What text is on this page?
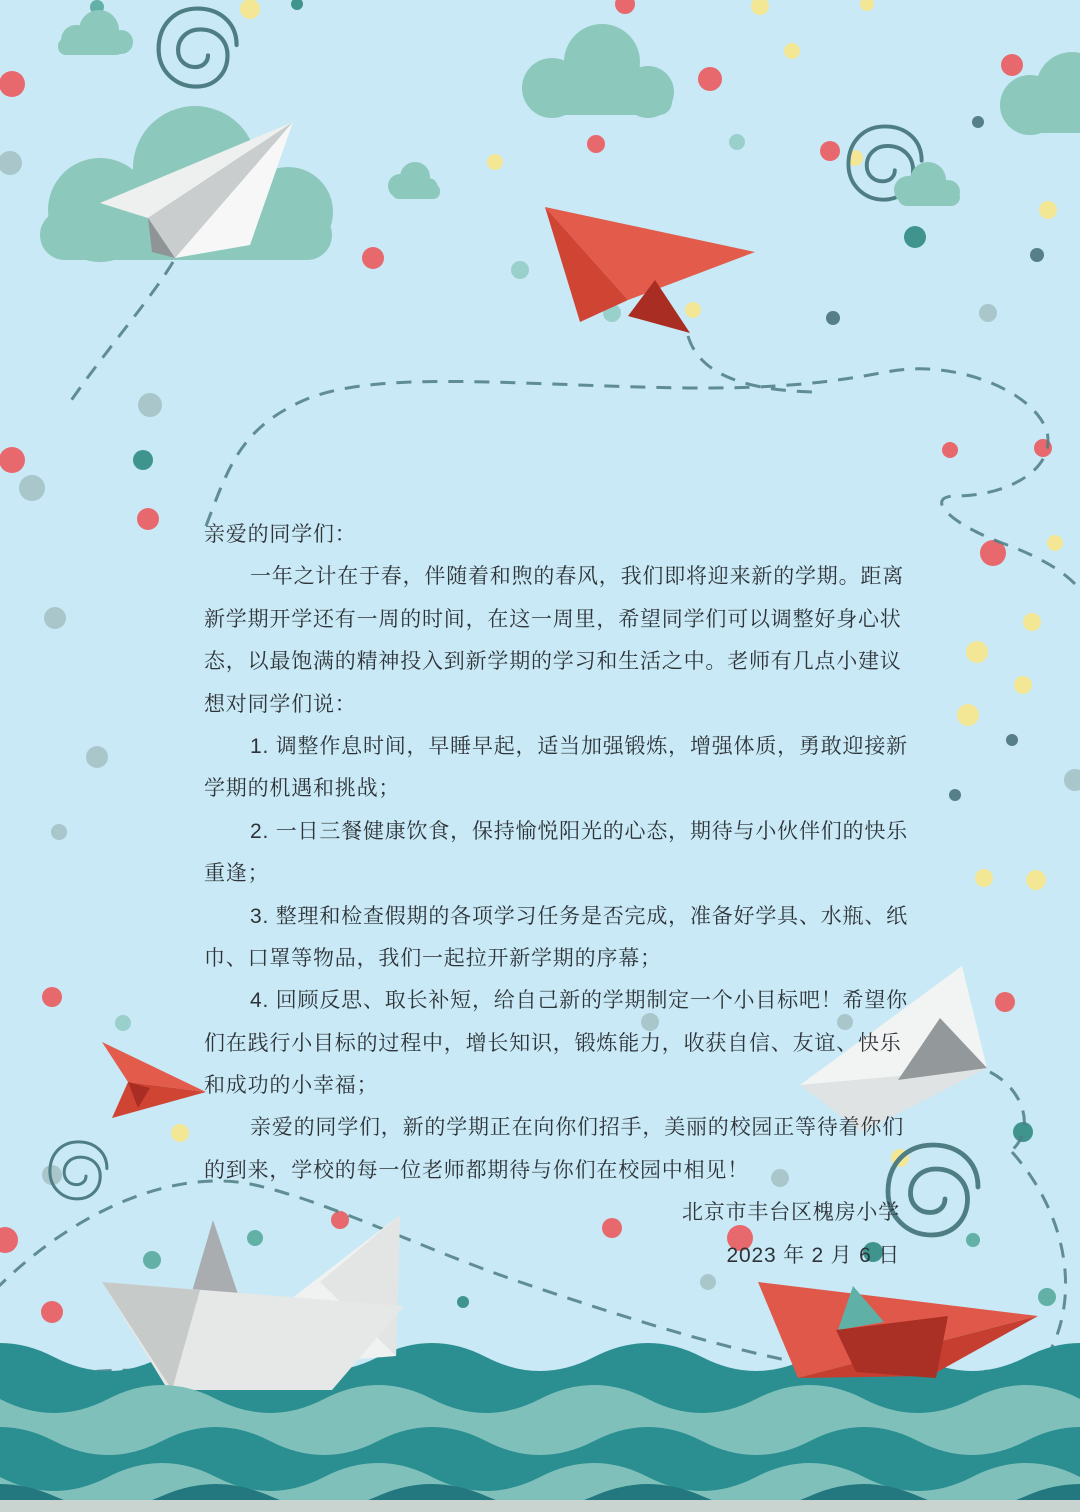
亲爱的同学们：
一年之计在于春，伴随着和煦的春风，我们即将迎来新的学期。距离
新学期开学还有一周的时间，在这一周里，希望同学们可以调整好身心状
态，以最饱满的精神投入到新学期的学习和生活之中。老师有几点小建议
想对同学们说：
1. 调整作息时间，早睡早起，适当加强锻炼，增强体质，勇敢迎接新
学期的机遇和挑战；
2. 一日三餐健康饮食，保持愉悦阳光的心态，期待与小伙伴们的快乐
重逢；
3. 整理和检查假期的各项学习任务是否完成，准备好学具、水瓶、纸
巾、口罩等物品，我们一起拉开新学期的序幕；
4. 回顾反思、取长补短，给自己新的学期制定一个小目标吧！希望你
们在践行小目标的过程中，增长知识，锻炼能力，收获自信、友谊、快乐
和成功的小幸福；
亲爱的同学们，新的学期正在向你们招手，美丽的校园正等待着你们
的到来，学校的每一位老师都期待与你们在校园中相见！
北京市丰台区槐房小学
2023 年 2 月 6 日
